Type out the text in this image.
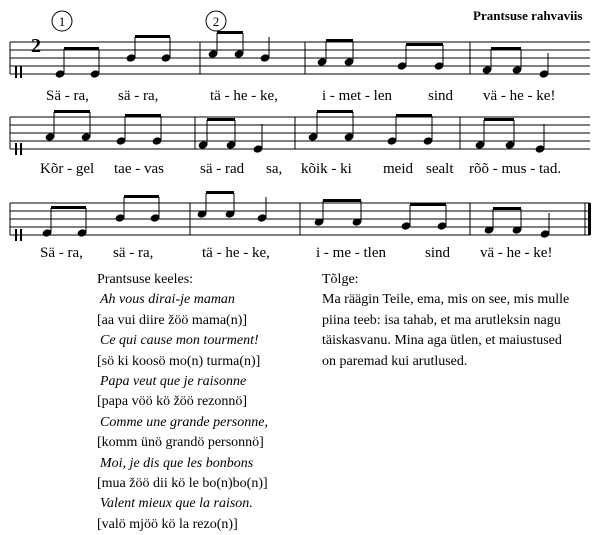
Prantsuse rahvaviis
1	2
2
Sä - ra, sä - ra,	tä - he - ke,	i - met - len sind vä - he - ke!
Kõr - gel tae - vas sä - rad sa, kõik - ki meid sealt rõõ - mus - tad.
Sä - ra, sä - ra,	tä - he - ke,	i - me - tlen	sind vä - he - ke!
Prantsuse keeles:
Ah vous dirai-je maman
[aa vui diire žöö mama(n)]
Ce qui cause mon tourment!
[sö ki koosö mo(n) turma(n)]
Papa veut que je raisonne
[papa vöö kö žöö rezonnö]
Comme une grande personne,
[komm ünö grandö personnö]
Moi, je dis que les bonbons
[mua žöö dii kö le bo(n)bo(n)]
Valent mieux que la raison.
[valö mjöö kö la rezo(n)]
Tõlge:
Ma räägin Teile, ema, mis on see, mis mulle
piina teeb: isa tahab, et ma arutleksin nagu
täiskasvanu. Mina aga ütlen, et maiustused
on paremad kui arutlused.
